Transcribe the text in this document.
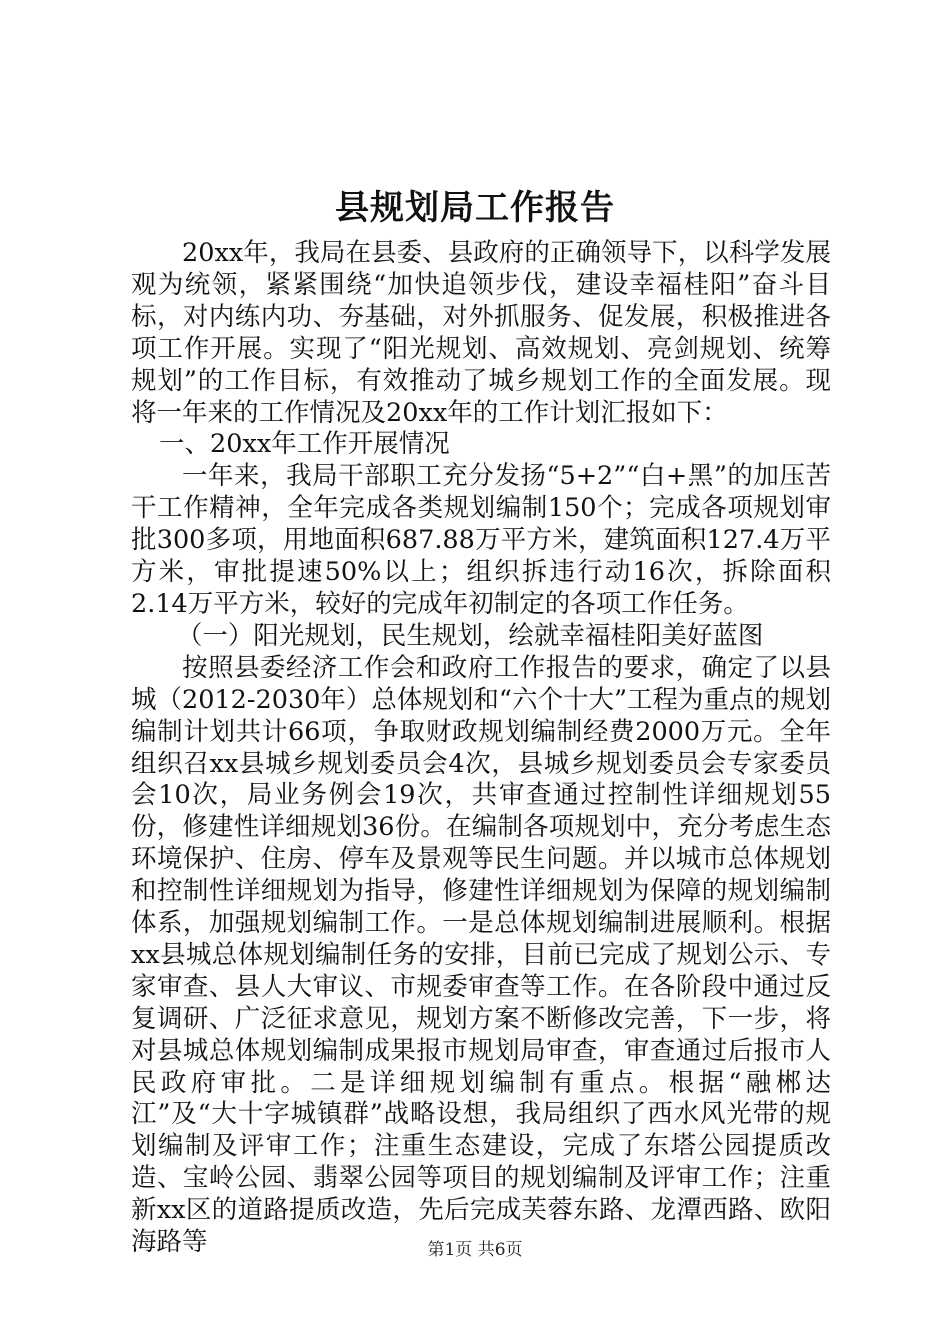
县规划局工作报告

20xx年，我局在县委、县政府的正确领导下，以科学发展观为统领，紧紧围绕“加快追领步伐，建设幸福桂阳”奋斗目标，对内练内功、夯基础，对外抓服务、促发展，积极推进各项工作开展。实现了“阳光规划、高效规划、亮剑规划、统筹规划”的工作目标，有效推动了城乡规划工作的全面发展。现将一年来的工作情况及20xx年的工作计划汇报如下：

一、20xx年工作开展情况

一年来，我局干部职工充分发扬“5+2”“白+黑”的加压苦干工作精神，全年完成各类规划编制150个；完成各项规划审批300多项，用地面积687.88万平方米，建筑面积127.4万平方米，审批提速50%以上；组织拆违行动16次，拆除面积2.14万平方米，较好的完成年初制定的各项工作任务。

（一）阳光规划，民生规划，绘就幸福桂阳美好蓝图

按照县委经济工作会和政府工作报告的要求，确定了以县城（2012-2030年）总体规划和“六个十大”工程为重点的规划编制计划共计66项，争取财政规划编制经费2000万元。全年组织召xx县城乡规划委员会4次，县城乡规划委员会专家委员会10次，局业务例会19次，共审查通过控制性详细规划55份，修建性详细规划36份。在编制各项规划中，充分考虑生态环境保护、住房、停车及景观等民生问题。并以城市总体规划和控制性详细规划为指导，修建性详细规划为保障的规划编制体系，加强规划编制工作。一是总体规划编制进展顺利。根据xx县城总体规划编制任务的安排，目前已完成了规划公示、专家审查、县人大审议、市规委审查等工作。在各阶段中通过反复调研、广泛征求意见，规划方案不断修改完善，下一步，将对县城总体规划编制成果报市规划局审查，审查通过后报市人民政府审批。二是详细规划编制有重点。根据“融郴达江”及“大十字城镇群”战略设想，我局组织了西水风光带的规划编制及评审工作；注重生态建设，完成了东塔公园提质改造、宝岭公园、翡翠公园等项目的规划编制及评审工作；注重新xx区的道路提质改造，先后完成芙蓉东路、龙潭西路、欧阳海路等	第1页 共6页
